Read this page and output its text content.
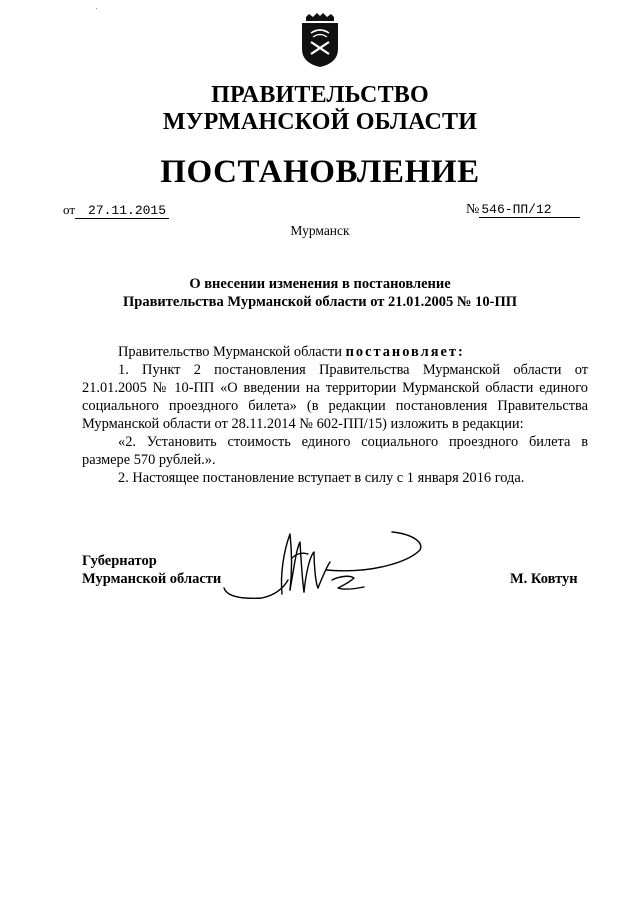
ПРАВИТЕЛЬСТВО
МУРМАНСКОЙ ОБЛАСТИ
ПОСТАНОВЛЕНИЕ
от 27.11.2015	№ 546-ПП/12
Мурманск
О внесении изменения в постановление
Правительства Мурманской области от 21.01.2005 № 10-ПП

Правительство Мурманской области постановляет:

1. Пункт 2 постановления Правительства Мурманской области от 21.01.2005 № 10-ПП «О введении на территории Мурманской области единого социального проездного билета» (в редакции постановления Правительства Мурманской области от 28.11.2014 № 602-ПП/15) изложить в редакции:

«2. Установить стоимость единого социального проездного билета в размере 570 рублей.».

2. Настоящее постановление вступает в силу с 1 января 2016 года.

Губернатор
Мурманской области	М. Ковтун
